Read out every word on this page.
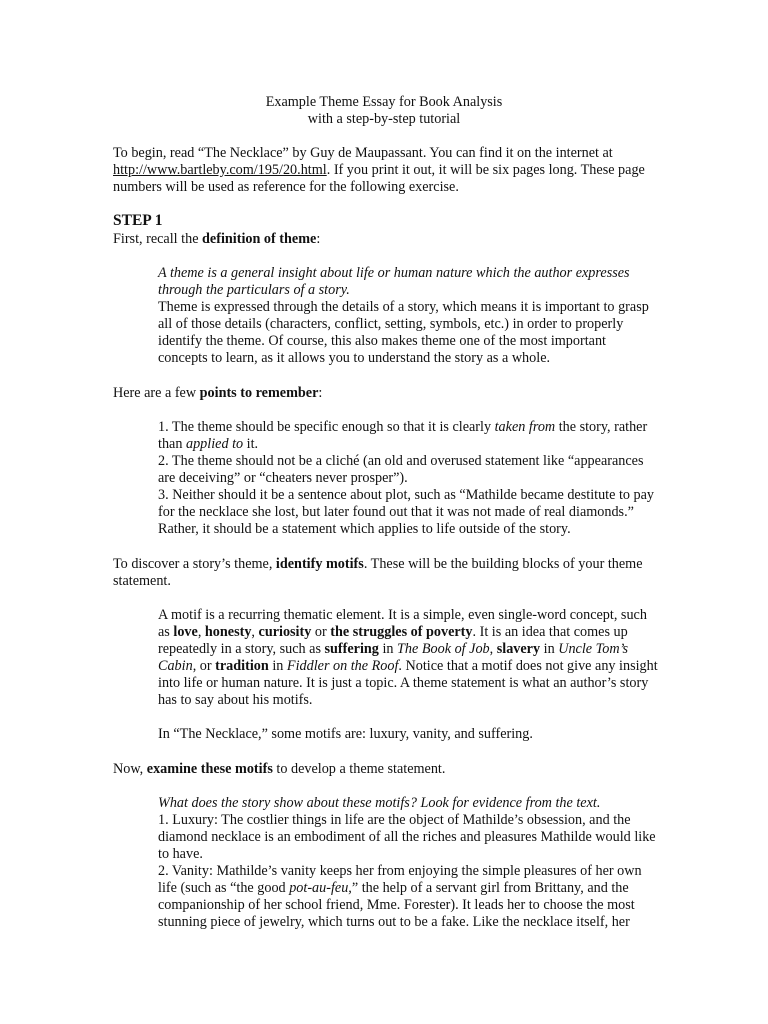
Example Theme Essay for Book Analysis
with a step-by-step tutorial

To begin, read “The Necklace” by Guy de Maupassant. You can find it on the internet at http://www.bartleby.com/195/20.html. If you print it out, it will be six pages long. These page numbers will be used as reference for the following exercise.

STEP 1

First, recall the definition of theme:

A theme is a general insight about life or human nature which the author expresses through the particulars of a story.
Theme is expressed through the details of a story, which means it is important to grasp all of those details (characters, conflict, setting, symbols, etc.) in order to properly identify the theme. Of course, this also makes theme one of the most important concepts to learn, as it allows you to understand the story as a whole.

Here are a few points to remember:

1. The theme should be specific enough so that it is clearly taken from the story, rather than applied to it.

2. The theme should not be a cliché (an old and overused statement like “appearances are deceiving” or “cheaters never prosper”).

3. Neither should it be a sentence about plot, such as “Mathilde became destitute to pay for the necklace she lost, but later found out that it was not made of real diamonds.” Rather, it should be a statement which applies to life outside of the story.

To discover a story’s theme, identify motifs. These will be the building blocks of your theme statement.

A motif is a recurring thematic element. It is a simple, even single-word concept, such as love, honesty, curiosity or the struggles of poverty. It is an idea that comes up repeatedly in a story, such as suffering in The Book of Job, slavery in Uncle Tom’s Cabin, or tradition in Fiddler on the Roof. Notice that a motif does not give any insight into life or human nature. It is just a topic. A theme statement is what an author’s story has to say about his motifs.

In “The Necklace,” some motifs are: luxury, vanity, and suffering.

Now, examine these motifs to develop a theme statement.

What does the story show about these motifs? Look for evidence from the text.

1. Luxury: The costlier things in life are the object of Mathilde’s obsession, and the diamond necklace is an embodiment of all the riches and pleasures Mathilde would like to have.

2. Vanity: Mathilde’s vanity keeps her from enjoying the simple pleasures of her own life (such as “the good pot-au-feu,” the help of a servant girl from Brittany, and the companionship of her school friend, Mme. Forester). It leads her to choose the most stunning piece of jewelry, which turns out to be a fake. Like the necklace itself, her
